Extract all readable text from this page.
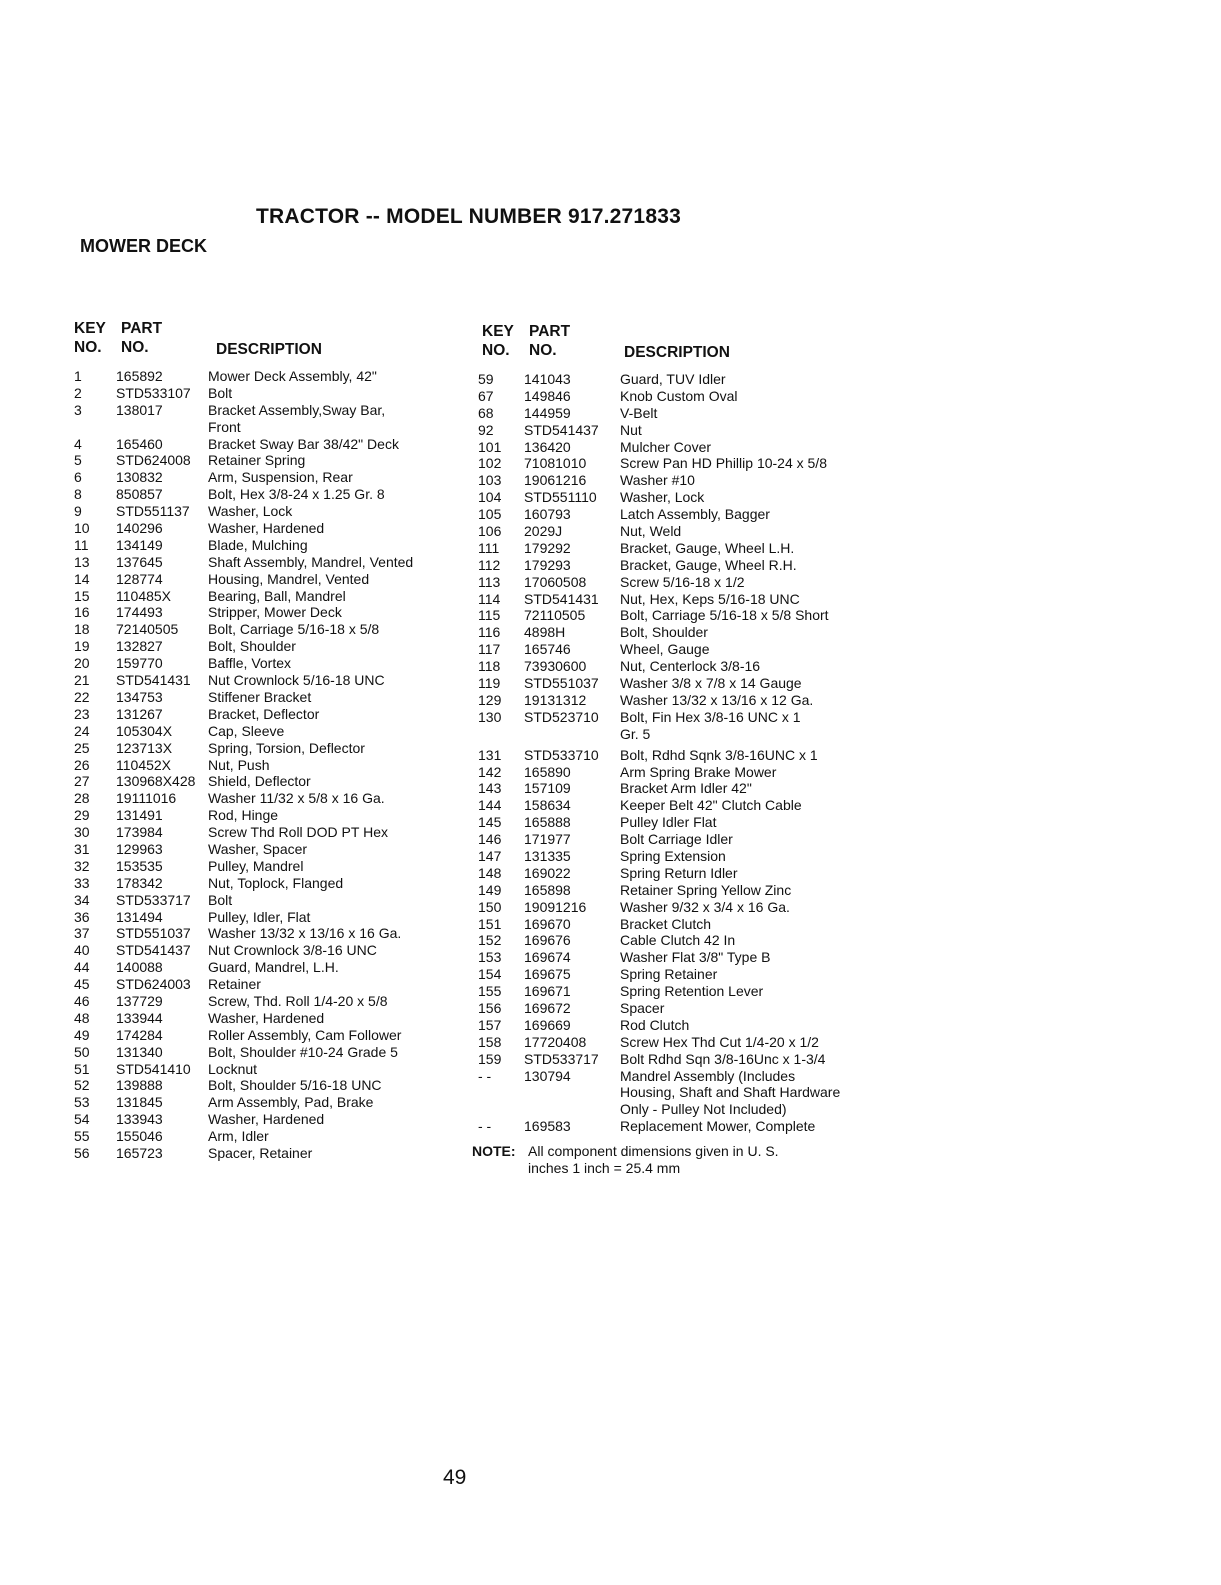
TRACTOR -- MODEL NUMBER 917.271833
MOWER DECK
KEY
NO.
PART
NO.	DESCRIPTION
1 165892	Mower Deck Assembly, 42"
2 STD533107 Bolt
3 138017	Bracket Assembly,Sway Bar,
Front
4 165460	Bracket Sway Bar 38/42" Deck
5 STD624008 Retainer Spring
6 130832	Arm, Suspension, Rear
8 850857	Bolt, Hex 3/8-24 x 1.25 Gr. 8
9 STD551137 Washer, Lock
10 140296	Washer, Hardened
11 134149	Blade, Mulching
13 137645	Shaft Assembly, Mandrel, Vented
14 128774	Housing, Mandrel, Vented
15 110485X	Bearing, Ball, Mandrel
16 174493	Stripper, Mower Deck
18 72140505 Bolt, Carriage 5/16-18 x 5/8
19 132827	Bolt, Shoulder
20 159770	Baffle, Vortex
21 STD541431 Nut Crownlock 5/16-18 UNC
22 134753	Stiffener Bracket
23 131267	Bracket, Deflector
24 105304X	Cap, Sleeve
25 123713X	Spring, Torsion, Deflector
26 110452X	Nut, Push
27 130968X428 Shield, Deflector
28 19111016 Washer 11/32 x 5/8 x 16 Ga.
29 131491	Rod, Hinge
30 173984	Screw Thd Roll DOD PT Hex
31 129963	Washer, Spacer
32 153535	Pulley, Mandrel
33 178342	Nut, Toplock, Flanged
34 STD533717 Bolt
36 131494	Pulley, Idler, Flat
37 STD551037 Washer 13/32 x 13/16 x 16 Ga.
40 STD541437 Nut Crownlock 3/8-16 UNC
44 140088	Guard, Mandrel, L.H.
45 STD624003 Retainer
46 137729	Screw, Thd. Roll 1/4-20 x 5/8
48 133944	Washer, Hardened
49 174284	Roller Assembly, Cam Follower
50 131340	Bolt, Shoulder #10-24 Grade 5
51 STD541410 Locknut
52 139888	Bolt, Shoulder 5/16-18 UNC
53 131845	Arm Assembly, Pad, Brake
54 133943	Washer, Hardened
55 155046	Arm, Idler
56 165723	Spacer, Retainer
KEY
NO.
PART
NO.	DESCRIPTION
59 141043	Guard, TUV Idler
67 149846	Knob Custom Oval
68 144959	V-Belt
92 STD541437 Nut
101 136420	Mulcher Cover
102 71081010 Screw Pan HD Phillip 10-24 x 5/8
103 19061216 Washer #10
104 STD551110 Washer, Lock
105 160793	Latch Assembly, Bagger
106 2029J	Nut, Weld
111 179292	Bracket, Gauge, Wheel L.H.
112 179293	Bracket, Gauge, Wheel R.H.
113 17060508 Screw 5/16-18 x 1/2
114 STD541431 Nut, Hex, Keps 5/16-18 UNC
115 72110505 Bolt, Carriage 5/16-18 x 5/8 Short
116 4898H	Bolt, Shoulder
117 165746	Wheel, Gauge
118 73930600 Nut, Centerlock 3/8-16
119 STD551037 Washer 3/8 x 7/8 x 14 Gauge
129 19131312 Washer 13/32 x 13/16 x 12 Ga.
130 STD523710 Bolt, Fin Hex 3/8-16 UNC x 1
Gr. 5
131 STD533710 Bolt, Rdhd Sqnk 3/8-16UNC x 1
142 165890	Arm Spring Brake Mower
143 157109	Bracket Arm Idler 42"
144 158634	Keeper Belt 42" Clutch Cable
145 165888	Pulley Idler Flat
146 171977	Bolt Carriage Idler
147 131335	Spring Extension
148 169022	Spring Return Idler
149 165898	Retainer Spring Yellow Zinc
150 19091216 Washer 9/32 x 3/4 x 16 Ga.
151 169670	Bracket Clutch
152 169676	Cable Clutch 42 In
153 169674	Washer Flat 3/8" Type B
154 169675	Spring Retainer
155 169671	Spring Retention Lever
156 169672	Spacer
157 169669	Rod Clutch
158 17720408 Screw Hex Thd Cut 1/4-20 x 1/2
159 STD533717 Bolt Rdhd Sqn 3/8-16Unc x 1-3/4
- - 130794	Mandrel Assembly (Includes
Housing, Shaft and Shaft Hardware
Only - Pulley Not Included)
- - 169583	Replacement Mower, Complete
NOTE: All component dimensions given in U. S.
inches 1 inch = 25.4 mm
49
